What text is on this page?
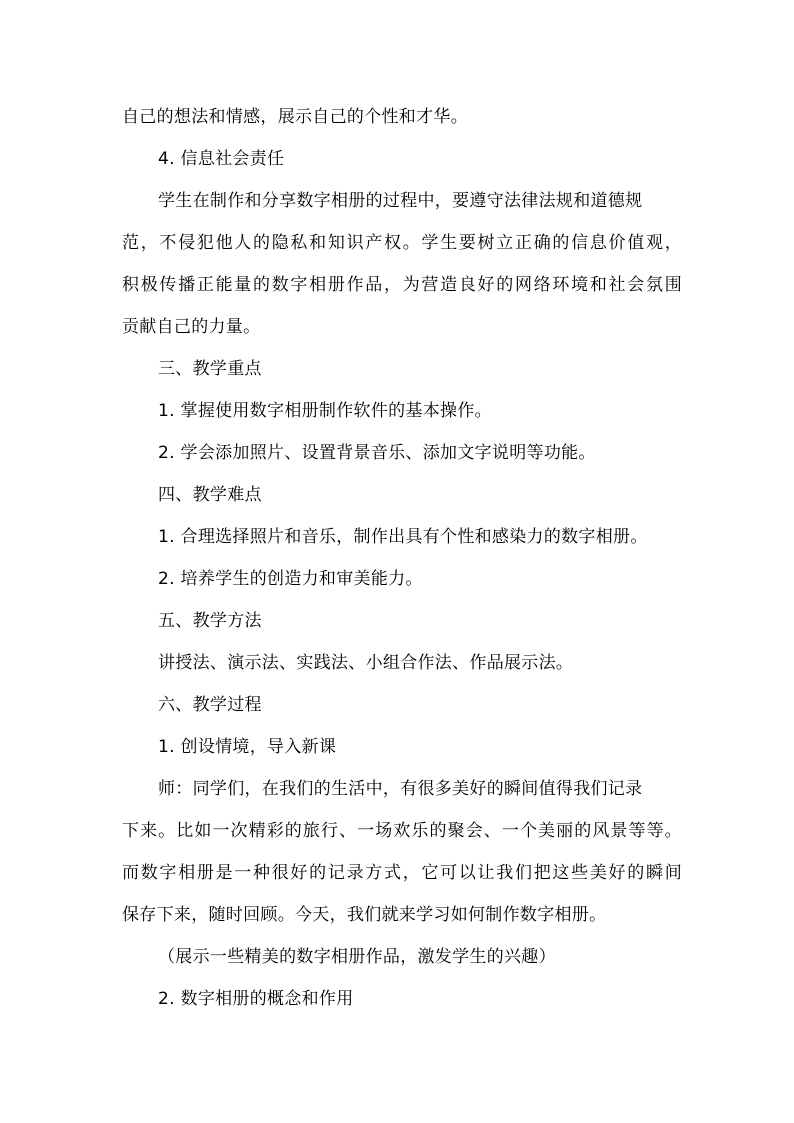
自己的想法和情感，展示自己的个性和才华。
4. 信息社会责任
学生在制作和分享数字相册的过程中，要遵守法律法规和道德规
范，不侵犯他人的隐私和知识产权。学生要树立正确的信息价值观，
积极传播正能量的数字相册作品，为营造良好的网络环境和社会氛围
贡献自己的力量。
三、教学重点
1. 掌握使用数字相册制作软件的基本操作。
2. 学会添加照片、设置背景音乐、添加文字说明等功能。
四、教学难点
1. 合理选择照片和音乐，制作出具有个性和感染力的数字相册。
2. 培养学生的创造力和审美能力。
五、教学方法
讲授法、演示法、实践法、小组合作法、作品展示法。
六、教学过程
1. 创设情境，导入新课
师：同学们，在我们的生活中，有很多美好的瞬间值得我们记录
下来。比如一次精彩的旅行、一场欢乐的聚会、一个美丽的风景等等。
而数字相册是一种很好的记录方式，它可以让我们把这些美好的瞬间
保存下来，随时回顾。今天，我们就来学习如何制作数字相册。
（展示一些精美的数字相册作品，激发学生的兴趣）
2. 数字相册的概念和作用
